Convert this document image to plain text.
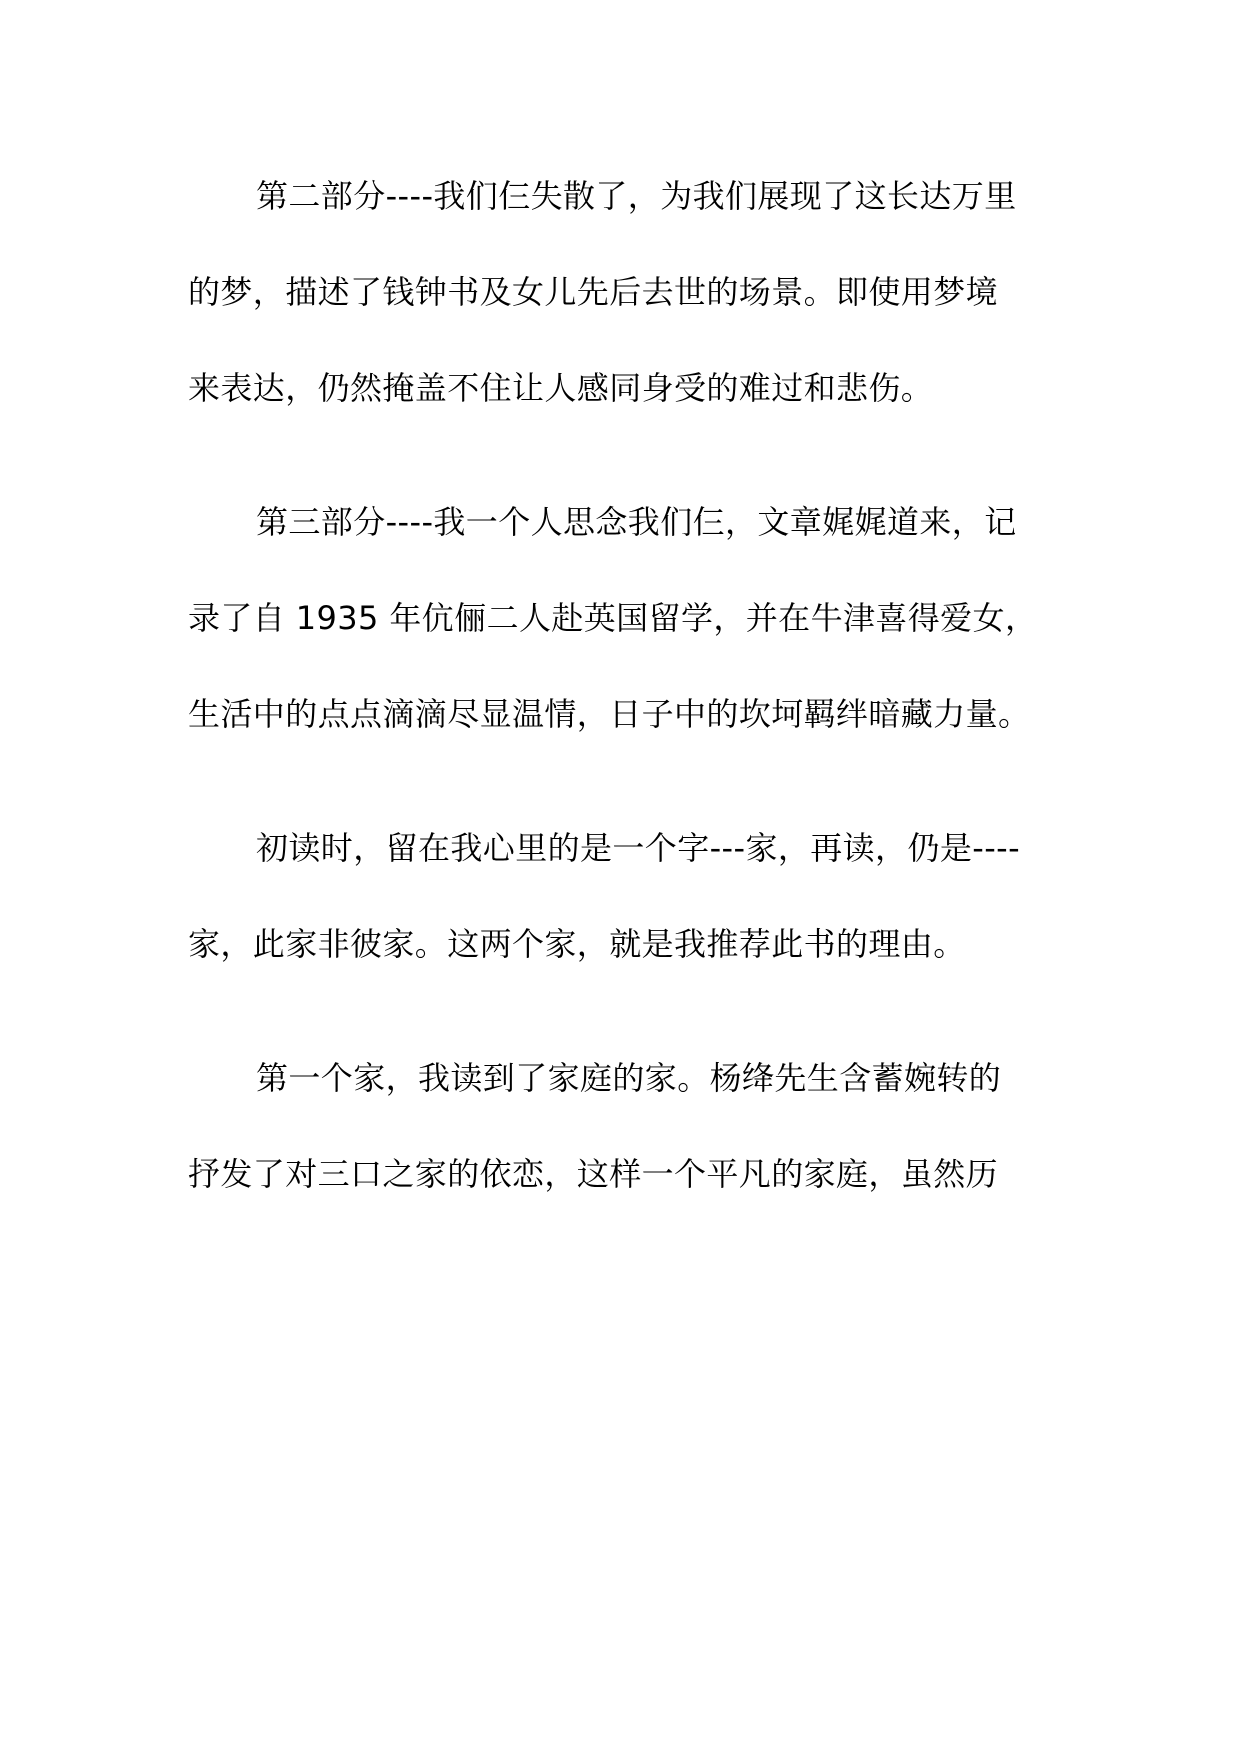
第二部分----我们仨失散了，为我们展现了这长达万里
的梦，描述了钱钟书及女儿先后去世的场景。即使用梦境
来表达，仍然掩盖不住让人感同身受的难过和悲伤。
第三部分----我一个人思念我们仨，文章娓娓道来，记
录了自 1935 年伉俪二人赴英国留学，并在牛津喜得爱女，
生活中的点点滴滴尽显温情，日子中的坎坷羁绊暗藏力量。
初读时，留在我心里的是一个字---家，再读，仍是----
家，此家非彼家。这两个家，就是我推荐此书的理由。
第一个家，我读到了家庭的家。杨绛先生含蓄婉转的
抒发了对三口之家的依恋，这样一个平凡的家庭，虽然历
